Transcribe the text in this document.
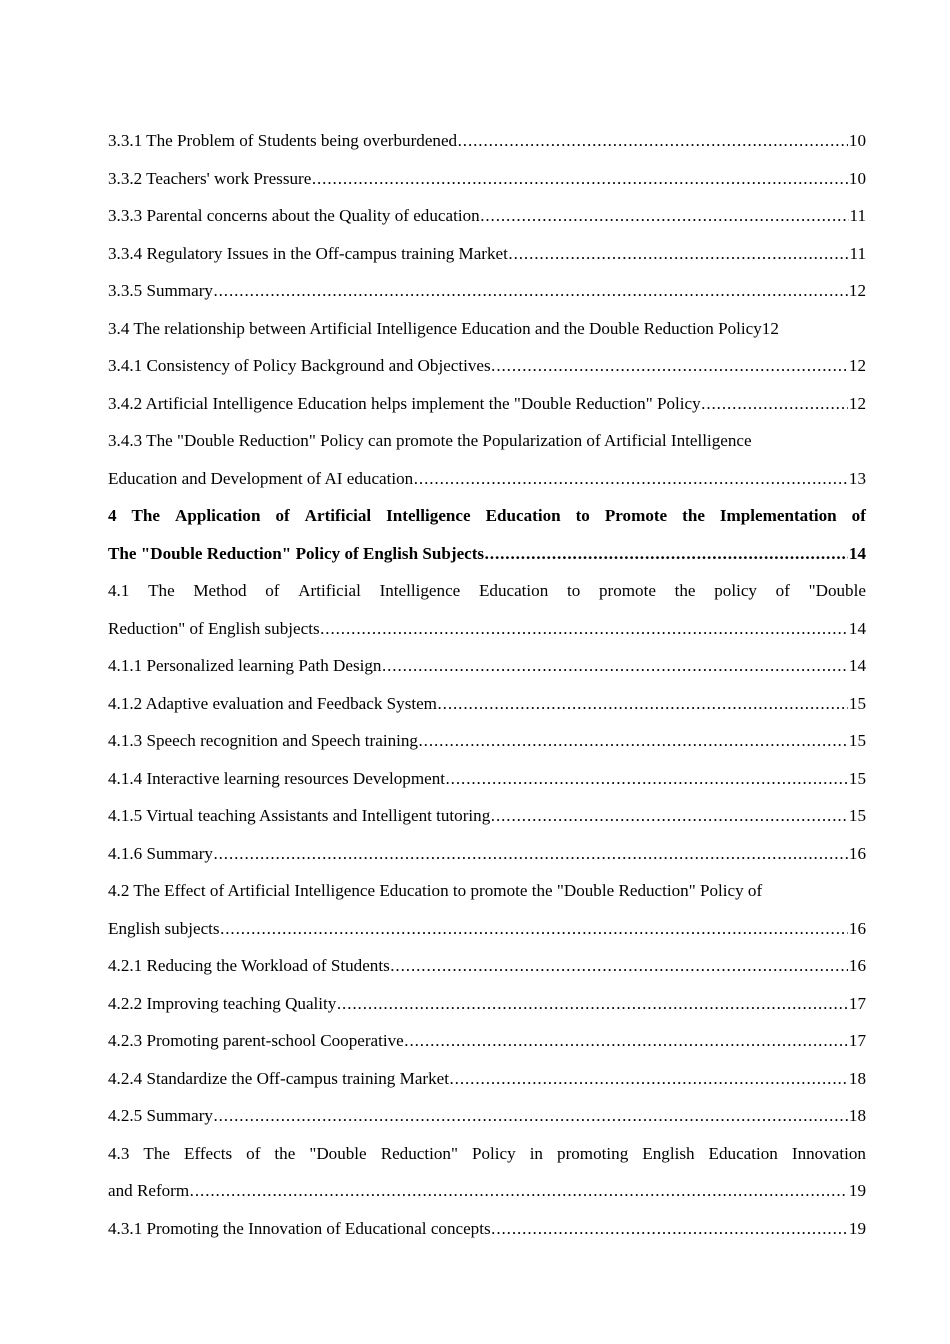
3.3.1 The Problem of Students being overburdened .....	10
3.3.2 Teachers' work Pressure .....	10
3.3.3 Parental concerns about the Quality of education .....	11
3.3.4 Regulatory Issues in the Off-campus training Market .....	11
3.3.5 Summary .....	12
3.4 The relationship between Artificial Intelligence Education and the Double Reduction Policy12
3.4.1 Consistency of Policy Background and Objectives .....	12
3.4.2 Artificial Intelligence Education helps implement the "Double Reduction" Policy .....	12
3.4.3 The "Double Reduction" Policy can promote the Popularization of Artificial Intelligence
Education and Development of AI education .....	13
4 The Application of Artificial Intelligence Education to Promote the Implementation of
The "Double Reduction" Policy of English Subjects .....	14
4.1 The Method of Artificial Intelligence Education to promote the policy of "Double
Reduction" of English subjects .....	14
4.1.1 Personalized learning Path Design .....	14
4.1.2 Adaptive evaluation and Feedback System .....	15
4.1.3 Speech recognition and Speech training .....	15
4.1.4 Interactive learning resources Development .....	15
4.1.5 Virtual teaching Assistants and Intelligent tutoring .....	15
4.1.6 Summary .....	16
4.2 The Effect of Artificial Intelligence Education to promote the "Double Reduction" Policy of
English subjects .....	16
4.2.1 Reducing the Workload of Students .....	16
4.2.2 Improving teaching Quality .....	17
4.2.3 Promoting parent-school Cooperative .....	17
4.2.4 Standardize the Off-campus training Market .....	18
4.2.5 Summary .....	18
4.3 The Effects of the "Double Reduction" Policy in promoting English Education Innovation
and Reform .....	19
4.3.1 Promoting the Innovation of Educational concepts .....	19
